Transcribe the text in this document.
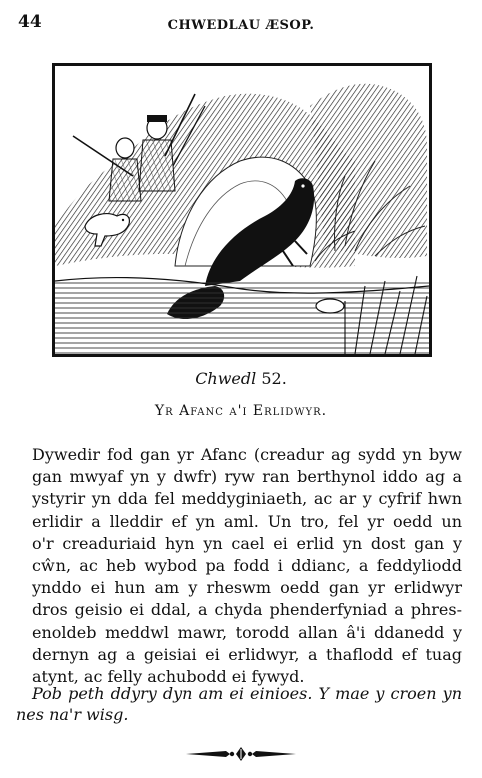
44	CHWEDLAU ÆSOP.
Chwedl 52.
Yr Afanc a'i Erlidwyr.
Dywedir fod gan yr Afanc (creadur ag sydd yn byw
gan mwyaf yn y dwfr) ryw ran berthynol iddo ag a
ystyrir yn dda fel meddyginiaeth, ac ar y cyfrif hwn
erlidir a lleddir ef yn aml. Un tro, fel yr oedd un
o'r creaduriaid hyn yn cael ei erlid yn dost gan y
cŵn, ac heb wybod pa fodd i ddianc, a feddyliodd
ynddo ei hun am y rheswm oedd gan yr erlidwyr
dros geisio ei ddal, a chyda phenderfyniad a phres-
enoldeb meddwl mawr, torodd allan â'i ddanedd y
dernyn ag a geisiai ei erlidwyr, a thaflodd ef tuag
atynt, ac felly achubodd ei fywyd.
Pob peth ddyry dyn am ei einioes. Y mae y croen yn
nes na'r wisg.
